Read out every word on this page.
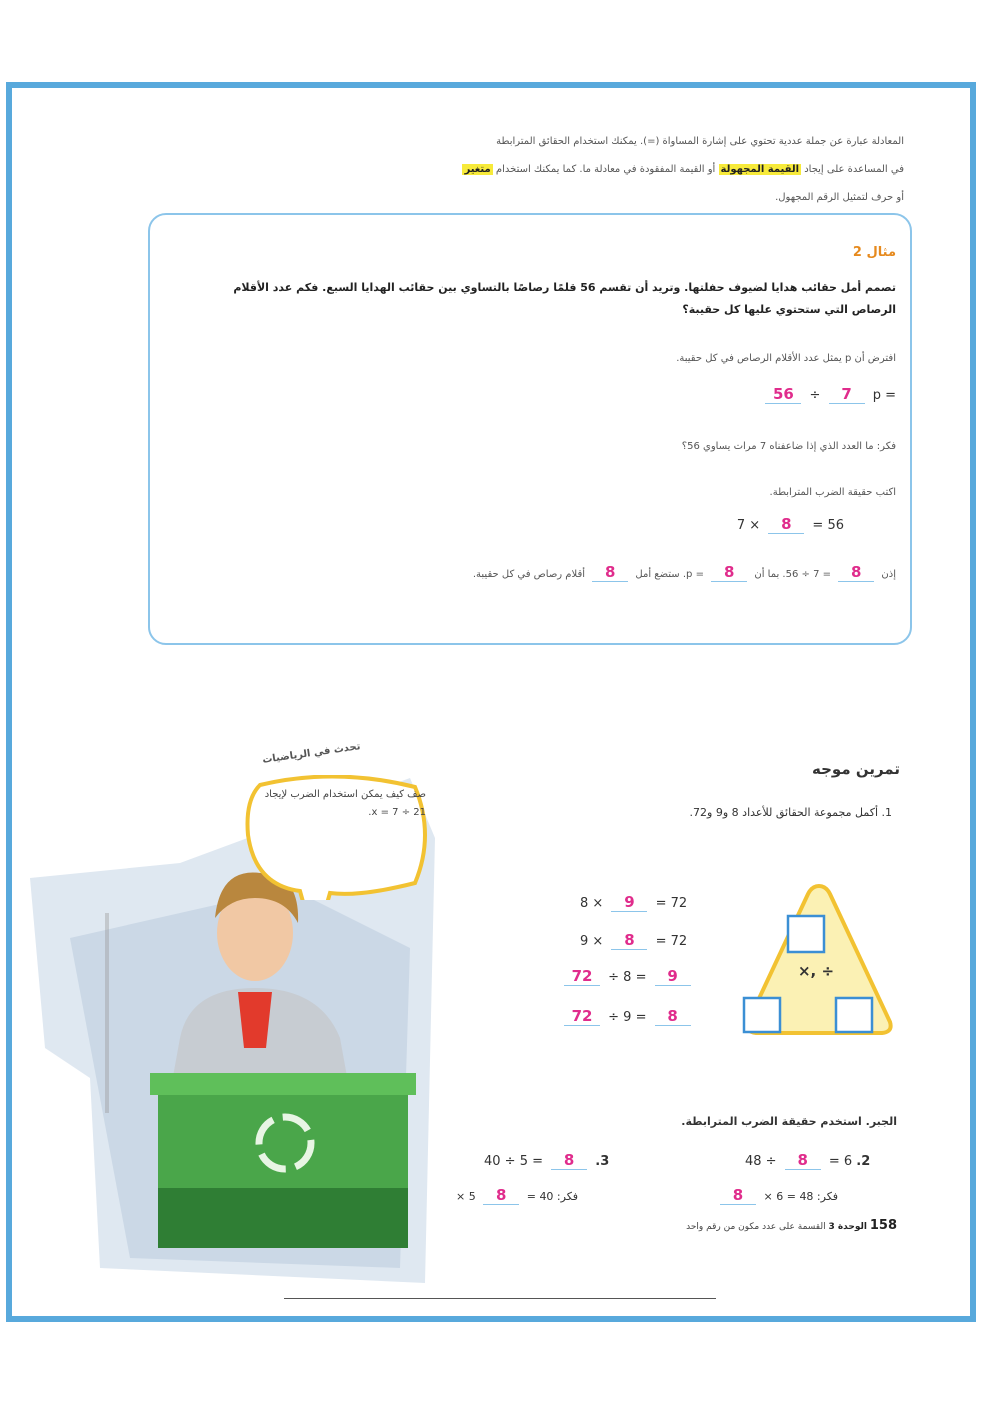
المعادلة عبارة عن جملة عددية تحتوي على إشارة المساواة (=). يمكنك استخدام الحقائق المترابطة
في المساعدة على إيجاد القيمة المجهولة أو القيمة المفقودة في معادلة ما. كما يمكنك استخدام متغير
أو حرف لتمثيل الرقم المجهول.
مثال 2
تصمم أمل حقائب هدايا لضيوف حفلتها. وتريد أن تقسم 56 قلمًا رصاصًا بالتساوي بين حقائب الهدايا السبع. فكم عدد الأقلام الرصاص التي ستحتوي عليها كل حقيبة؟
افترض أن p يمثل عدد الأقلام الرصاص في كل حقيبة.
56 ÷ 7 p =
فكر: ما العدد الذي إذا ضاعفناه 7 مرات يساوي 56؟
اكتب حقيقة الضرب المترابطة.
7 × 8 = 56
إذن 8 = 7 ÷ 56. بما أن 8 = p. ستضع أمل 8 أقلام رصاص في كل حقيبة.
تحدث في الرياضيات
صف كيف يمكن استخدام الضرب لإيجاد 21 ÷ 7 = x.
تمرين موجه
1. أكمل مجموعة الحقائق للأعداد 8 و9 و72.
8 × 9 = 72
9 × 8 = 72
72 ÷ 8 = 9
72 ÷ 9 = 8
×, ÷
الجبر. استخدم حقيقة الضرب المترابطة.
48 ÷ 8 = 6 .2
8 فكر: 48 = 6 ×
40 ÷ 5 = 8 .3
× 5 8 فكر: 40 =
158 الوحدة 3 القسمة على عدد مكون من رقم واحد
